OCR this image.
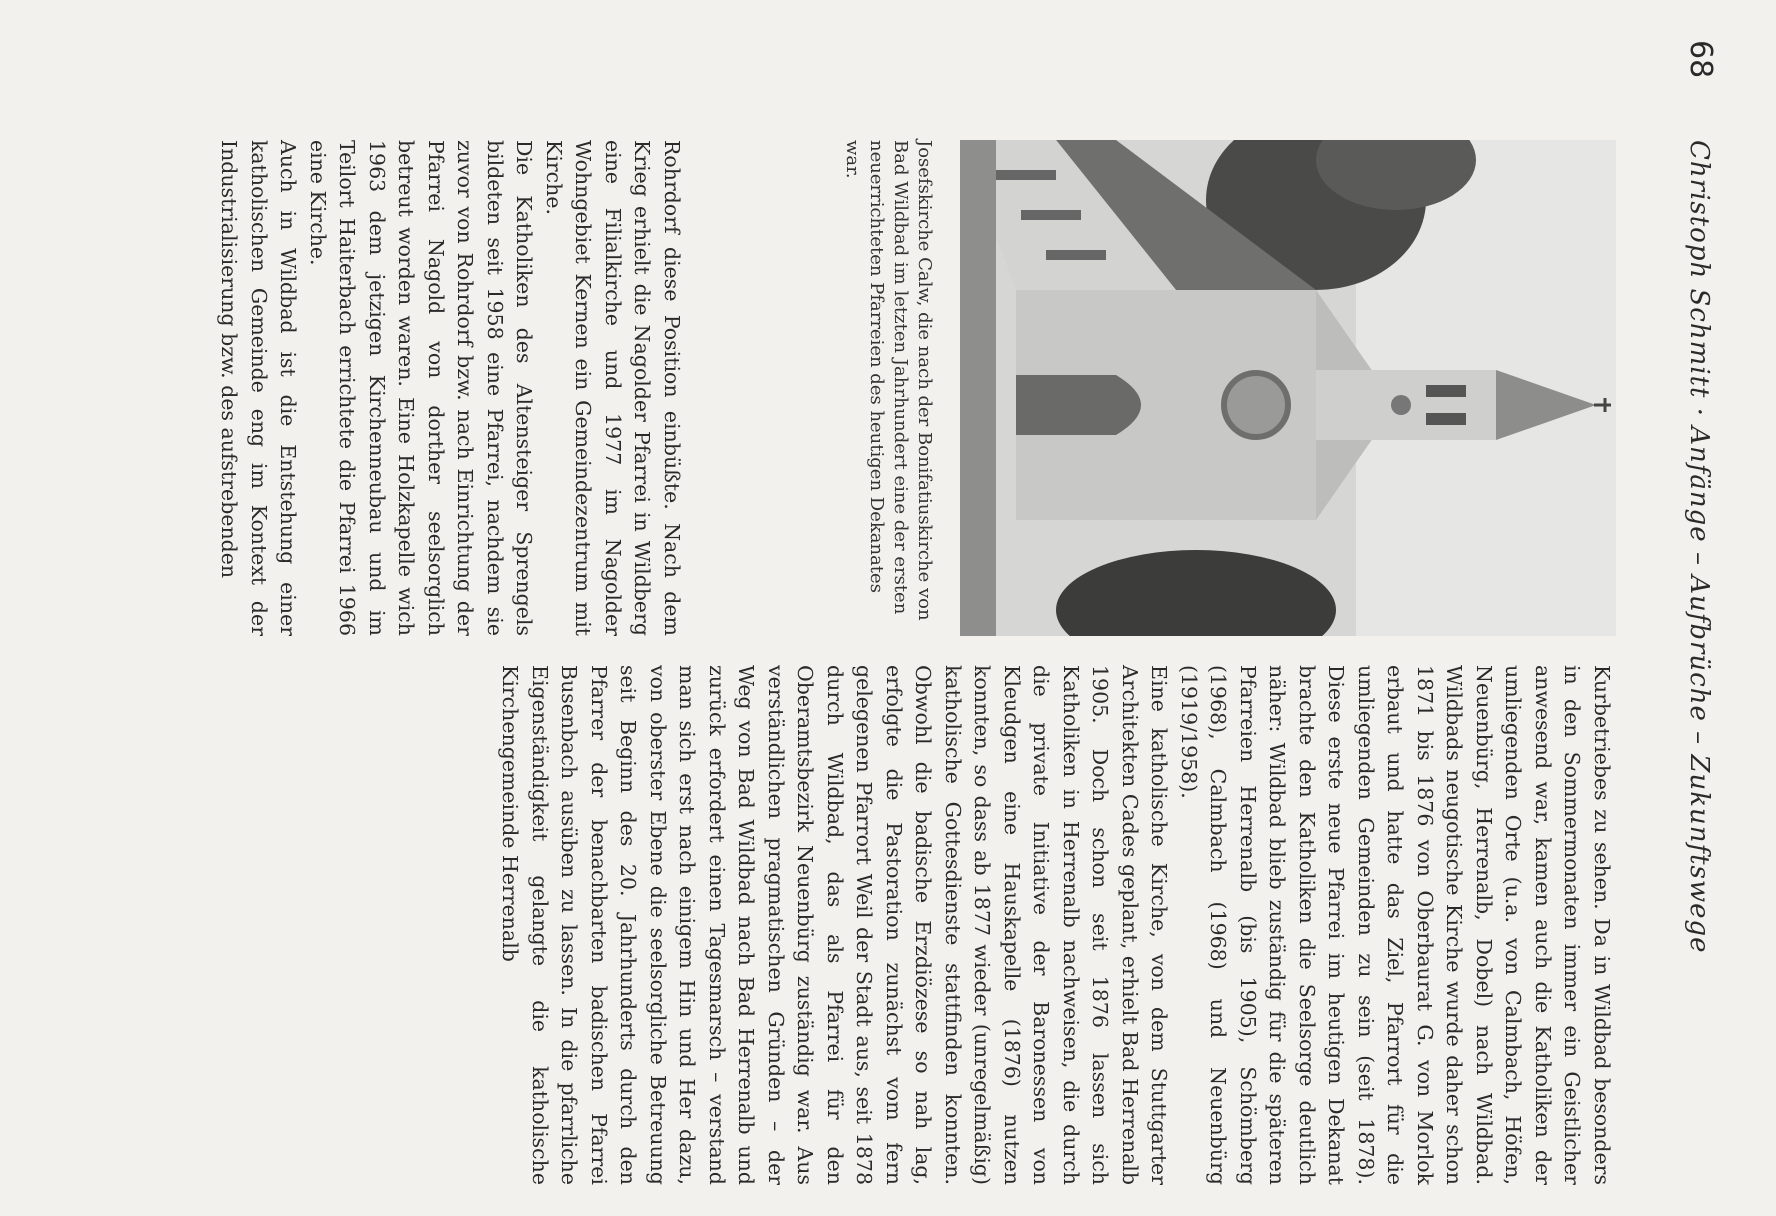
68
Christoph Schmitt · Anfänge – Aufbrüche – Zukunftswege
Josefskirche Calw, die nach der Bonifatiuskirche von Bad Wildbad im letzten Jahrhundert eine der ersten neuerrichteten Pfarreien des heutigen Dekanates war.

Rohrdorf diese Position einbüßte. Nach dem Krieg erhielt die Nagolder Pfarrei in Wildberg eine Filialkirche und 1977 im Nagolder Wohngebiet Kernen ein Gemeindezentrum mit Kirche.

Die Katholiken des Altensteiger Sprengels bildeten seit 1958 eine Pfarrei, nachdem sie zuvor von Rohrdorf bzw. nach Einrichtung der Pfarrei Nagold von dorther seelsorglich betreut worden waren. Eine Holzkapelle wich 1963 dem jetzigen Kirchenneubau und im Teilort Haiterbach errichtete die Pfarrei 1966 eine Kirche.

Auch in Wildbad ist die Entstehung einer katholischen Gemeinde eng im Kontext der Industrialisierung bzw. des aufstrebenden

Kurbetriebes zu sehen. Da in Wildbad besonders in den Sommermonaten immer ein Geistlicher anwesend war, kamen auch die Katholiken der umliegenden Orte (u.a. von Calmbach, Höfen, Neuenbürg, Herrenalb, Dobel) nach Wildbad. Wildbads neugotische Kirche wurde daher schon 1871 bis 1876 von Oberbaurat G. von Morlok erbaut und hatte das Ziel, Pfarrort für die umliegenden Gemeinden zu sein (seit 1878). Diese erste neue Pfarrei im heutigen Dekanat brachte den Katholiken die Seelsorge deutlich näher: Wildbad blieb zuständig für die späteren Pfarreien Herrenalb (bis 1905), Schömberg (1968), Calmbach (1968) und Neuenbürg (1919/1958).

Eine katholische Kirche, von dem Stuttgarter Architekten Cades geplant, erhielt Bad Herrenalb 1905. Doch schon seit 1876 lassen sich Katholiken in Herrenalb nachweisen, die durch die private Initiative der Baronessen von Kleudgen eine Hauskapelle (1876) nutzen konnten, so dass ab 1877 wieder (unregelmäßig) katholische Gottesdienste stattfinden konnten. Obwohl die badische Erzdiözese so nah lag, erfolgte die Pastoration zunächst vom fern gelegenen Pfarrort Weil der Stadt aus, seit 1878 durch Wildbad, das als Pfarrei für den Oberamtsbezirk Neuenbürg zuständig war. Aus verständlichen pragmatischen Gründen – der Weg von Bad Wildbad nach Bad Herrenalb und zurück erfordert einen Tagesmarsch – verstand man sich erst nach einigem Hin und Her dazu, von oberster Ebene die seelsorgliche Betreuung seit Beginn des 20. Jahrhunderts durch den Pfarrer der benachbarten badischen Pfarrei Busenbach ausüben zu lassen. In die pfarrliche Eigenständigkeit gelangte die katholische Kirchengemeinde Herrenalb
